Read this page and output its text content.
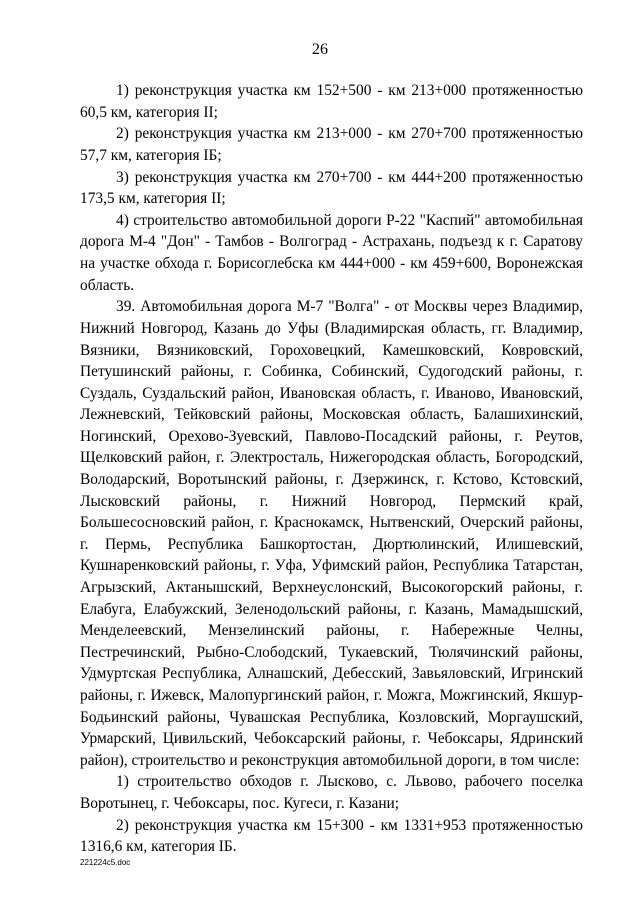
26

1) реконструкция участка км 152+500 - км 213+000 протяженностью 60,5 км, категория II;

2) реконструкция участка км 213+000 - км 270+700 протяженностью 57,7 км, категория IБ;

3) реконструкция участка км 270+700 - км 444+200 протяженностью 173,5 км, категория II;

4) строительство автомобильной дороги Р-22 "Каспий" автомобильная дорога М-4 "Дон" - Тамбов - Волгоград - Астрахань, подъезд к г. Саратову на участке обхода г. Борисоглебска км 444+000 - км 459+600, Воронежская область.

39. Автомобильная дорога М-7 "Волга" - от Москвы через Владимир, Нижний Новгород, Казань до Уфы (Владимирская область, гг. Владимир, Вязники, Вязниковский, Гороховецкий, Камешковский, Ковровский, Петушинский районы, г. Собинка, Собинский, Судогодский районы, г. Суздаль, Суздальский район, Ивановская область, г. Иваново, Ивановский, Лежневский, Тейковский районы, Московская область, Балашихинский, Ногинский, Орехово-Зуевский, Павлово-Посадский районы, г. Реутов, Щелковский район, г. Электросталь, Нижегородская область, Богородский, Володарский, Воротынский районы, г. Дзержинск, г. Кстово, Кстовский, Лысковский районы, г. Нижний Новгород, Пермский край, Большесосновский район, г. Краснокамск, Нытвенский, Очерский районы, г. Пермь, Республика Башкортостан, Дюртюлинский, Илишевский, Кушнаренковский районы, г. Уфа, Уфимский район, Республика Татарстан, Агрызский, Актанышский, Верхнеуслонский, Высокогорский районы, г. Елабуга, Елабужский, Зеленодольский районы, г. Казань, Мамадышский, Менделеевский, Мензелинский районы, г. Набережные Челны, Пестречинский, Рыбно-Слободский, Тукаевский, Тюлячинский районы, Удмуртская Республика, Алнашский, Дебесский, Завьяловский, Игринский районы, г. Ижевск, Малопургинский район, г. Можга, Можгинский, Якшур-Бодьинский районы, Чувашская Республика, Козловский, Моргаушский, Урмарский, Цивильский, Чебоксарский районы, г. Чебоксары, Ядринский район), строительство и реконструкция автомобильной дороги, в том числе:

1) строительство обходов г. Лысково, с. Львово, рабочего поселка Воротынец, г. Чебоксары, пос. Кугеси, г. Казани;

2) реконструкция участка км 15+300 - км 1331+953 протяженностью 1316,6 км, категория IБ.

221224c5.doc
